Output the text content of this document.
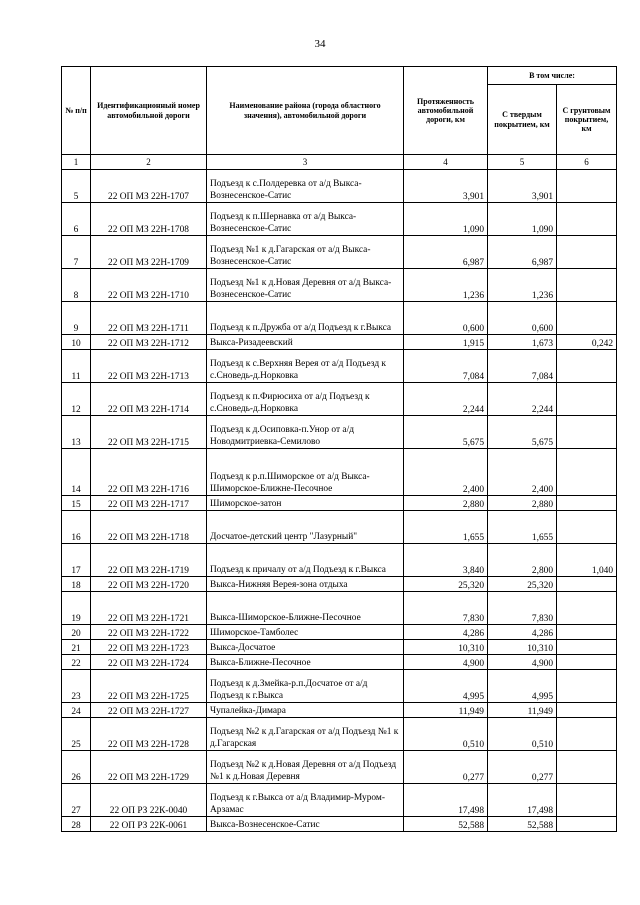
34
№ п/п	Идентификационный номер автомобильной дороги	Наименование района (города областного значения), автомобильной дороги	Протяженность автомобильной дороги, км	В том числе:	
				С твердым покрытием, км	С грунтовым покрытием, км
1	2	3	4	5	6
5	22 ОП МЗ 22Н-1707	Подъезд к с.Полдеревка от а/д Выкса-Вознесенское-Сатис	3,901	3,901	
6	22 ОП МЗ 22Н-1708	Подъезд к п.Шернавка от а/д Выкса-Вознесенское-Сатис	1,090	1,090	
7	22 ОП МЗ 22Н-1709	Подъезд №1 к д.Гагарская от а/д Выкса-Вознесенское-Сатис	6,987	6,987	
8	22 ОП МЗ 22Н-1710	Подъезд №1 к д.Новая Деревня от а/д Выкса-Вознесенское-Сатис	1,236	1,236	
9	22 ОП МЗ 22Н-1711	Подъезд к п.Дружба от а/д Подъезд к г.Выкса	0,600	0,600	
10	22 ОП МЗ 22Н-1712	Выкса-Ризадеевский	1,915	1,673	0,242
11	22 ОП МЗ 22Н-1713	Подъезд к с.Верхняя Верея от а/д Подъезд к с.Сноведь-д.Норковка	7,084	7,084	
12	22 ОП МЗ 22Н-1714	Подъезд к п.Фирюсиха от а/д Подъезд к с.Сноведь-д.Норковка	2,244	2,244	
13	22 ОП МЗ 22Н-1715	Подъезд к д.Осиповка-п.Унор от а/д Новодмитриевка-Семилово	5,675	5,675	
14	22 ОП МЗ 22Н-1716	Подъезд к р.п.Шиморское от а/д Выкса-Шиморское-Ближне-Песочное	2,400	2,400	
15	22 ОП МЗ 22Н-1717	Шиморское-затон	2,880	2,880	
16	22 ОП МЗ 22Н-1718	Досчатое-детский центр "Лазурный"	1,655	1,655	
17	22 ОП МЗ 22Н-1719	Подъезд к причалу от а/д Подъезд к г.Выкса	3,840	2,800	1,040
18	22 ОП МЗ 22Н-1720	Выкса-Нижняя Верея-зона отдыха	25,320	25,320	
19	22 ОП МЗ 22Н-1721	Выкса-Шиморское-Ближне-Песочное	7,830	7,830	
20	22 ОП МЗ 22Н-1722	Шиморское-Тамболес	4,286	4,286	
21	22 ОП МЗ 22Н-1723	Выкса-Досчатое	10,310	10,310	
22	22 ОП МЗ 22Н-1724	Выкса-Ближне-Песочное	4,900	4,900	
23	22 ОП МЗ 22Н-1725	Подъезд к д.Змейка-р.п.Досчатое от а/д Подъезд к г.Выкса	4,995	4,995	
24	22 ОП МЗ 22Н-1727	Чупалейка-Димара	11,949	11,949	
25	22 ОП МЗ 22Н-1728	Подъезд №2 к д.Гагарская от а/д Подъезд №1 к д.Гагарская	0,510	0,510	
26	22 ОП МЗ 22Н-1729	Подъезд №2 к д.Новая Деревня от а/д Подъезд №1 к д.Новая Деревня	0,277	0,277	
27	22 ОП РЗ 22К-0040	Подъезд к г.Выкса от а/д Владимир-Муром-Арзамас	17,498	17,498	
28	22 ОП РЗ 22К-0061	Выкса-Вознесенское-Сатис	52,588	52,588	
